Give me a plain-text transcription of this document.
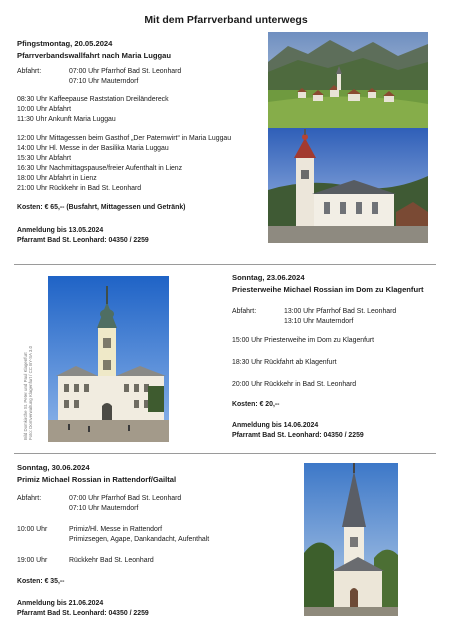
Mit dem Pfarrverband unterwegs
Pfingstmontag, 20.05.2024
Pfarrverbandswallfahrt nach Maria Luggau
Abfahrt:	07:00 Uhr Pfarrhof Bad St. Leonhard
07:10 Uhr Mauterndorf
08:30 Uhr Kaffeepause Raststation Dreiländereck
10:00 Uhr Abfahrt
11:30 Uhr Ankunft Maria Luggau
12:00 Uhr Mittagessen beim Gasthof „Der Paternwirt“ in Maria Luggau
14:00 Uhr Hl. Messe in der Basilika Maria Luggau
15:30 Uhr Abfahrt
16:30 Uhr Nachmittagspause/freier Aufenthalt in Lienz
18:00 Uhr Abfahrt in Lienz
21:00 Uhr Rückkehr in Bad St. Leonhard
Kosten: € 65,-- (Busfahrt, Mittagessen und Getränk)
Anmeldung bis 13.05.2024
Pfarramt Bad St. Leonhard: 04350 / 2259
Sonntag, 23.06.2024
Priesterweihe Michael Rossian im Dom zu Klagenfurt
Abfahrt:	13:00 Uhr Pfarrhof Bad St. Leonhard
13:10 Uhr Mauterndorf
15:00 Uhr Priesterweihe im Dom zu Klagenfurt
18:30 Uhr Rückfahrt ab Klagenfurt
20:00 Uhr Rückkehr in Bad St. Leonhard
Kosten: € 20,--
Anmeldung bis 14.06.2024
Pfarramt Bad St. Leonhard: 04350 / 2259
Bild Domkirche St. Peter und Paul Klagenfurt Foto: Domverwaltung Klagenfurt / CC BY-SA 3.0
Sonntag, 30.06.2024
Primiz Michael Rossian in Rattendorf/Gailtal
Abfahrt:	07:00 Uhr Pfarrhof Bad St. Leonhard
07:10 Uhr Mauterndorf
10:00 Uhr	Primiz/Hl. Messe in Rattendorf
Primizsegen, Agape, Dankandacht, Aufenthalt
19:00 Uhr	Rückkehr Bad St. Leonhard
Kosten: € 35,--
Anmeldung bis 21.06.2024
Pfarramt Bad St. Leonhard: 04350 / 2259
